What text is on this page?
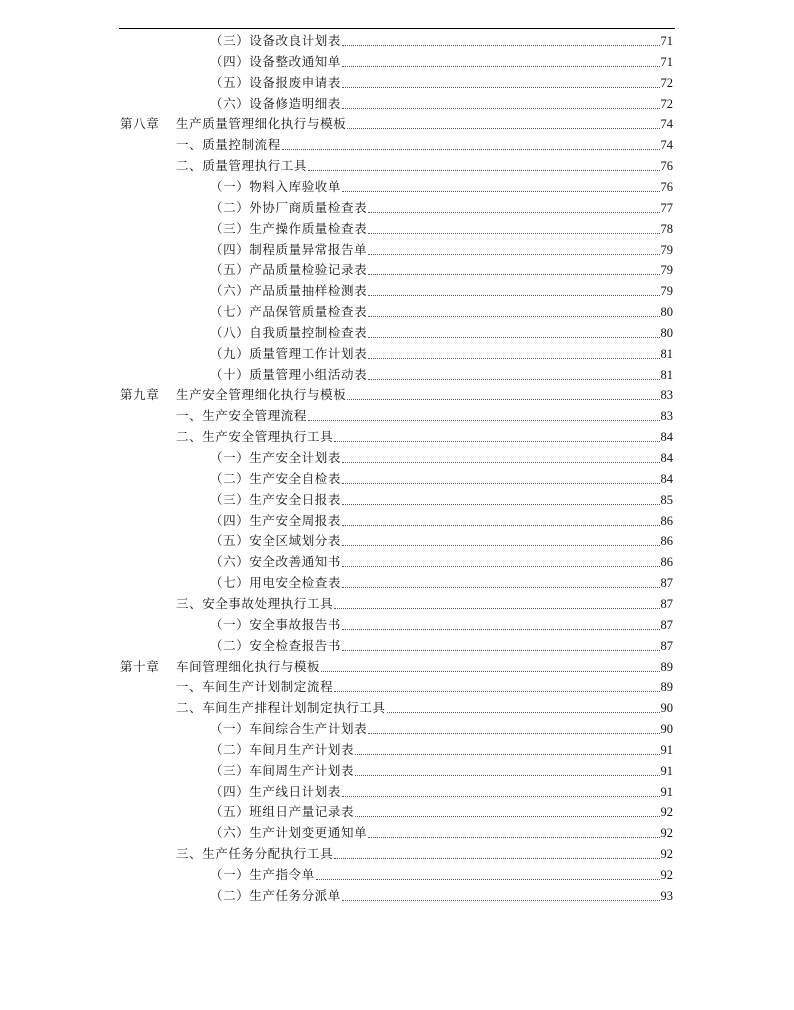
（三）设备改良计划表	71
（四）设备整改通知单	71
（五）设备报废申请表	72
（六）设备修造明细表	72
第八章 生产质量管理细化执行与模板	74
一、质量控制流程	74
二、质量管理执行工具	76
（一）物料入库验收单	76
（二）外协厂商质量检查表	77
（三）生产操作质量检查表	78
（四）制程质量异常报告单	79
（五）产品质量检验记录表	79
（六）产品质量抽样检测表	79
（七）产品保管质量检查表	80
（八）自我质量控制检查表	80
（九）质量管理工作计划表	81
（十）质量管理小组活动表	81
第九章 生产安全管理细化执行与模板	83
一、生产安全管理流程	83
二、生产安全管理执行工具	84
（一）生产安全计划表	84
（二）生产安全自检表	84
（三）生产安全日报表	85
（四）生产安全周报表	86
（五）安全区域划分表	86
（六）安全改善通知书	86
（七）用电安全检查表	87
三、安全事故处理执行工具	87
（一）安全事故报告书	87
（二）安全检查报告书	87
第十章 车间管理细化执行与模板	89
一、车间生产计划制定流程	89
二、车间生产排程计划制定执行工具	90
（一）车间综合生产计划表	90
（二）车间月生产计划表	91
（三）车间周生产计划表	91
（四）生产线日计划表	91
（五）班组日产量记录表	92
（六）生产计划变更通知单	92
三、生产任务分配执行工具	92
（一）生产指令单	92
（二）生产任务分派单	93
